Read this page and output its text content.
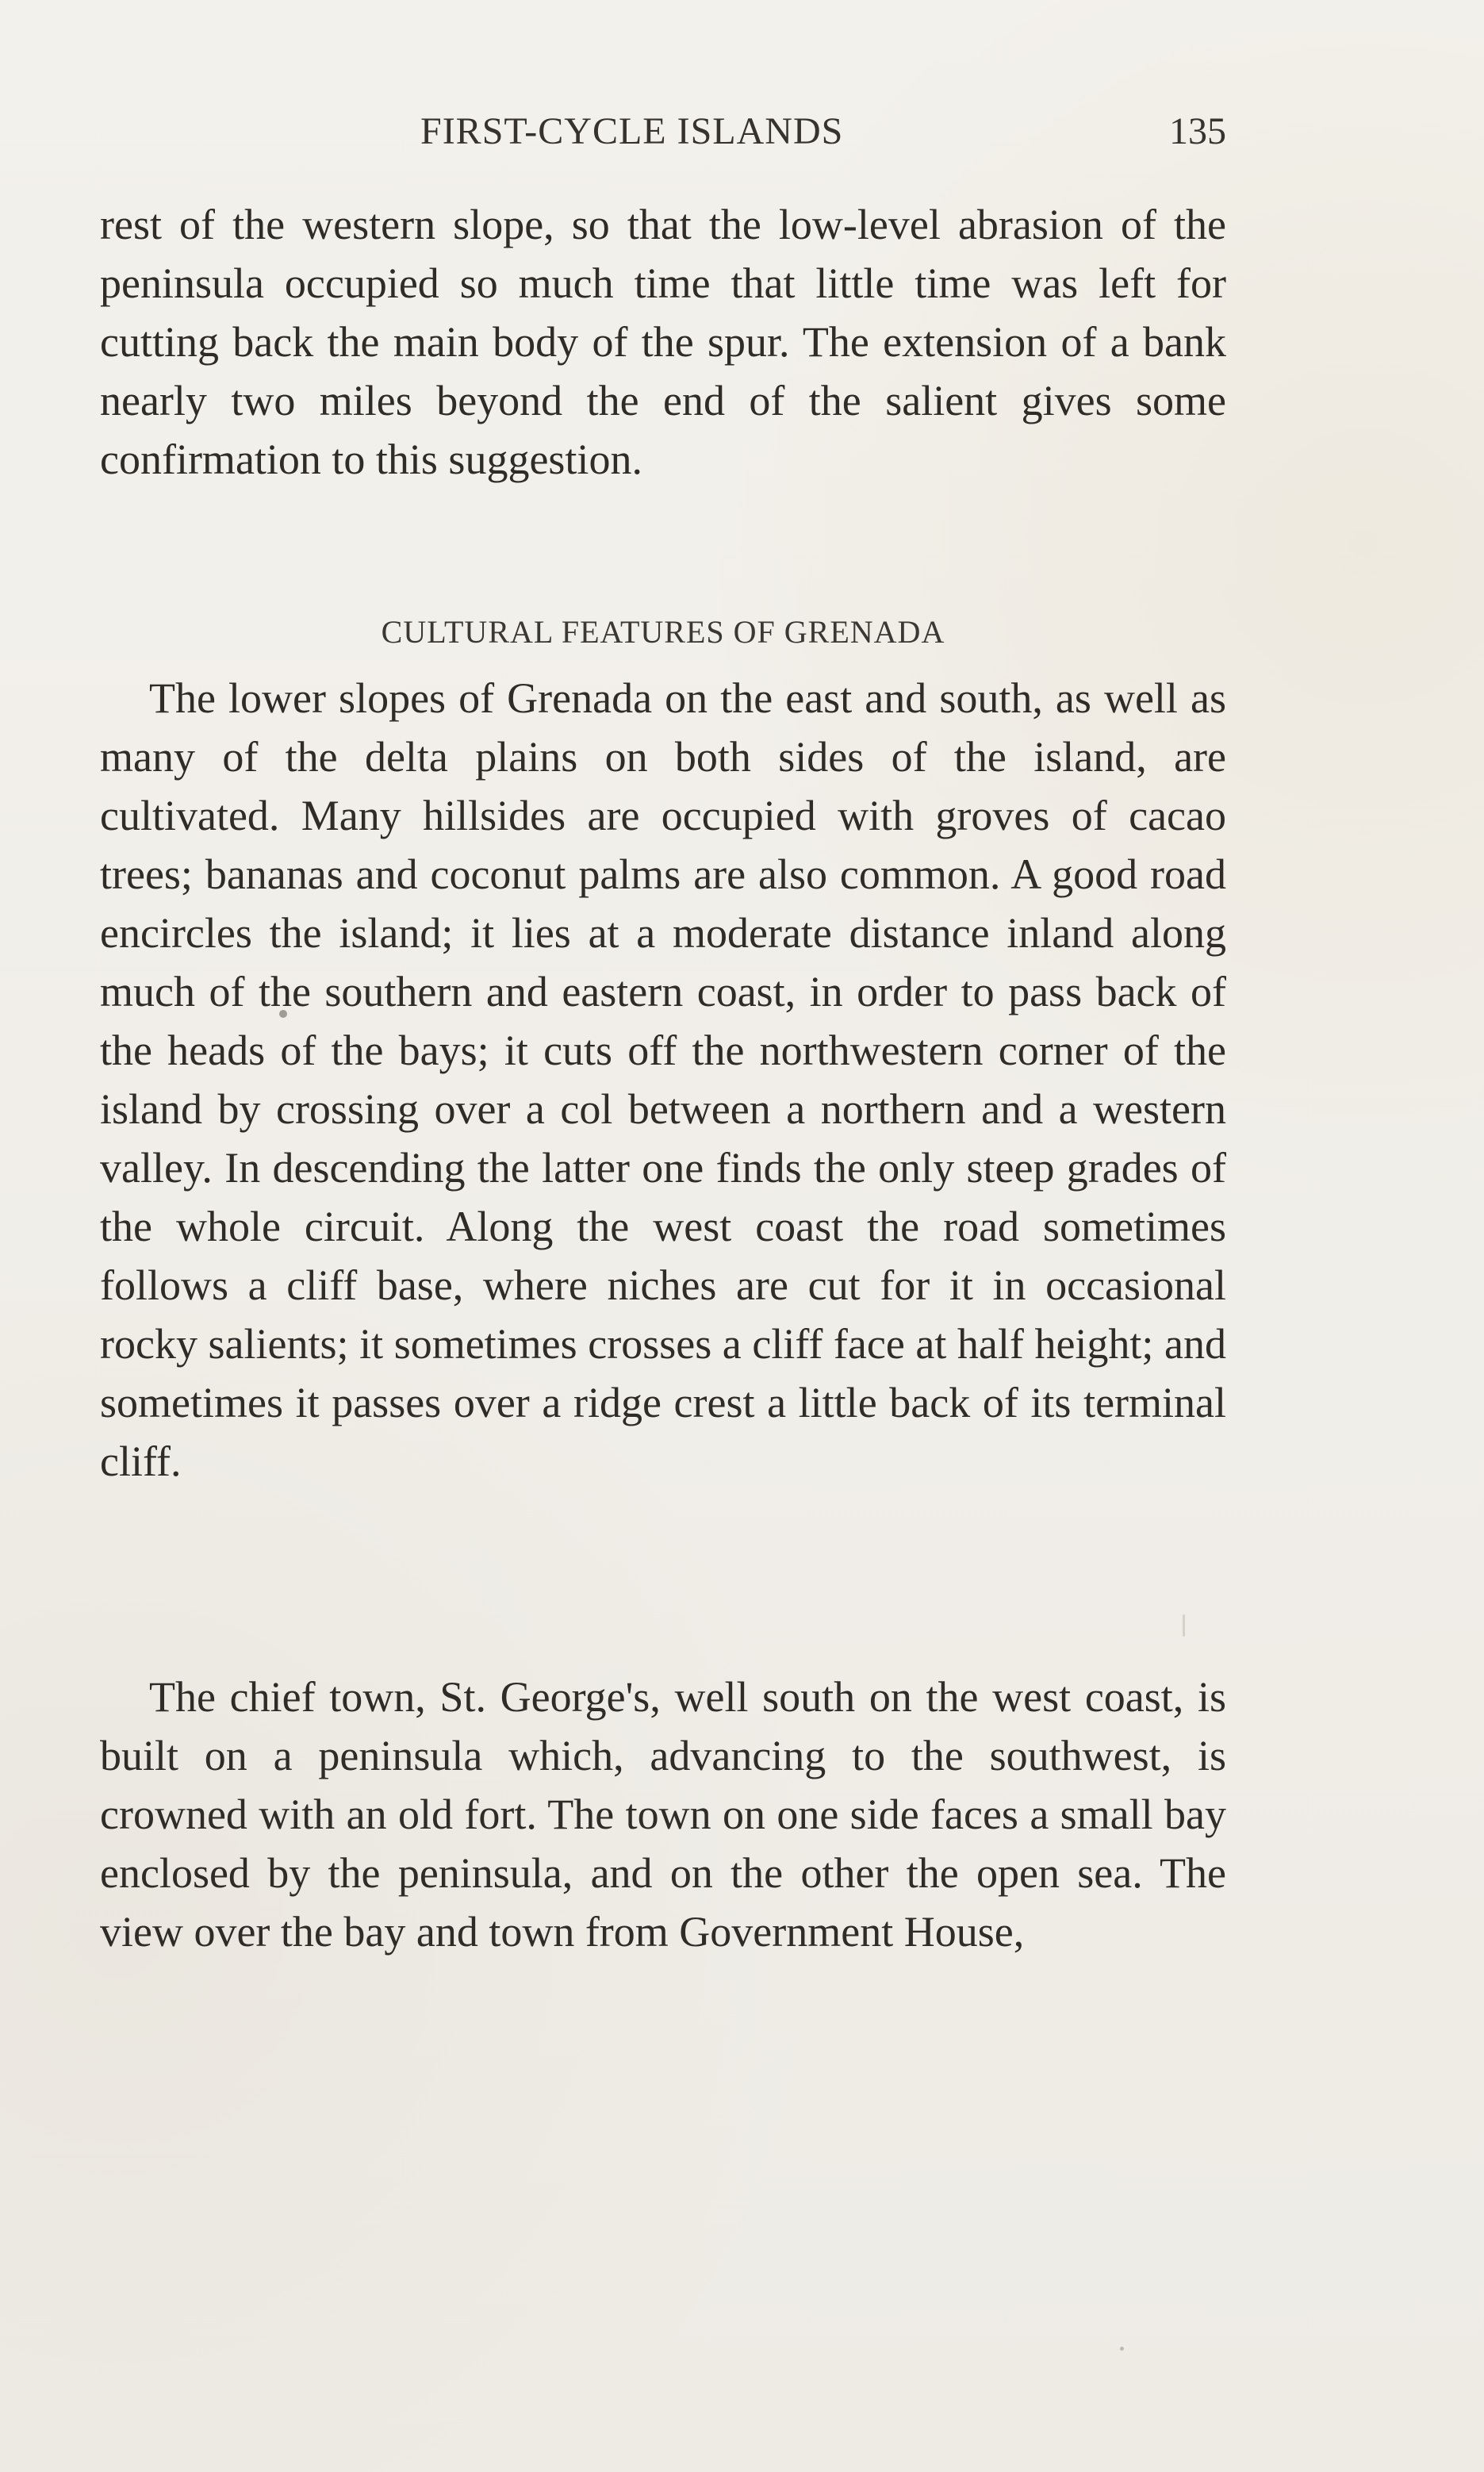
FIRST-CYCLE ISLANDS	135
rest of the western slope, so that the low-level abrasion of the peninsula occupied so much time that little time was left for cutting back the main body of the spur. The extension of a bank nearly two miles beyond the end of the salient gives some confirmation to this suggestion.
CULTURAL FEATURES OF GRENADA

The lower slopes of Grenada on the east and south, as well as many of the delta plains on both sides of the island, are cultivated. Many hillsides are occupied with groves of cacao trees; bananas and coconut palms are also common. A good road encircles the island; it lies at a moderate distance inland along much of the southern and eastern coast, in order to pass back of the heads of the bays; it cuts off the northwestern corner of the island by crossing over a col between a northern and a western valley. In descending the latter one finds the only steep grades of the whole circuit. Along the west coast the road sometimes follows a cliff base, where niches are cut for it in occasional rocky salients; it sometimes crosses a cliff face at half height; and sometimes it passes over a ridge crest a little back of its terminal cliff.

The chief town, St. George's, well south on the west coast, is built on a peninsula which, advancing to the southwest, is crowned with an old fort. The town on one side faces a small bay enclosed by the peninsula, and on the other the open sea. The view over the bay and town from Government House,
